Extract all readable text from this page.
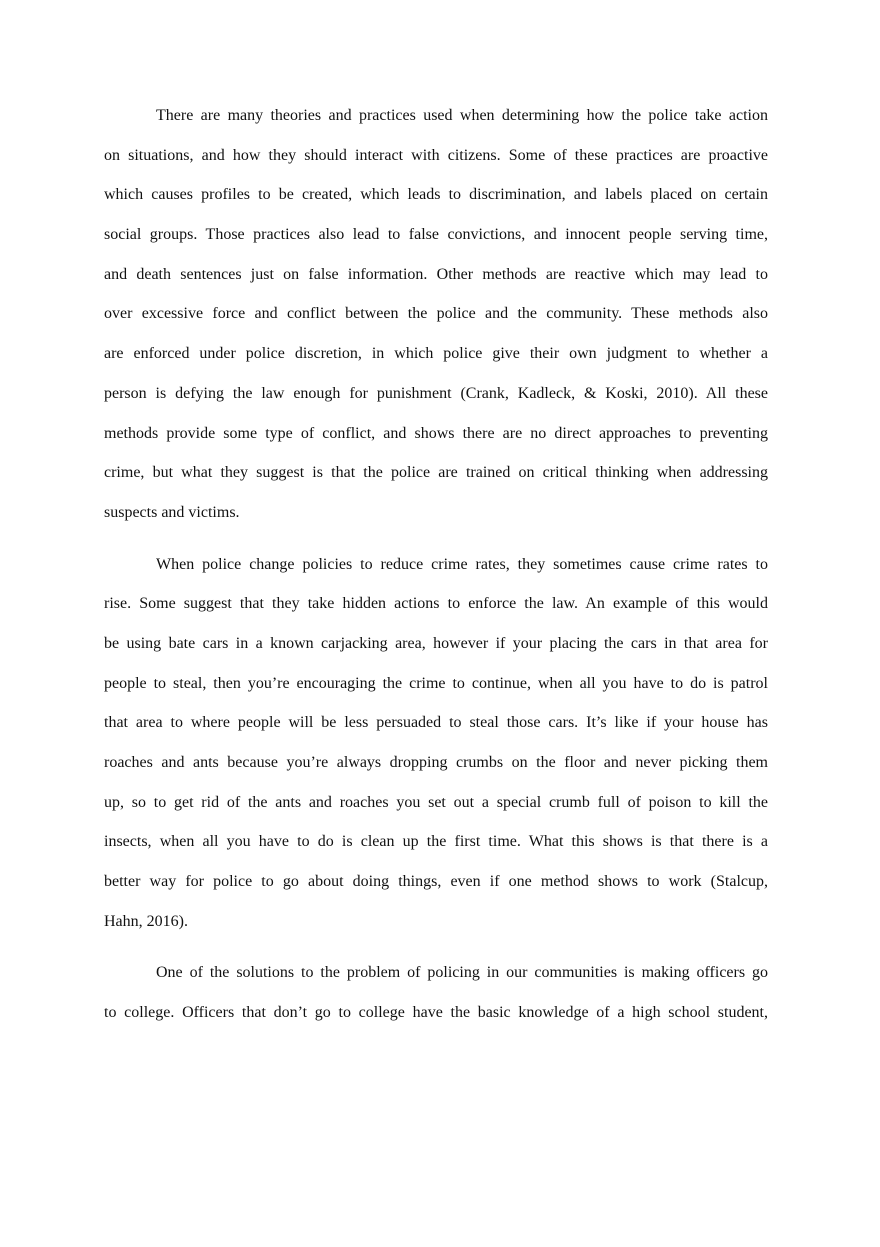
There are many theories and practices used when determining how the police take action
on situations, and how they should interact with citizens. Some of these practices are proactive
which causes profiles to be created, which leads to discrimination, and labels placed on certain
social groups. Those practices also lead to false convictions, and innocent people serving time,
and death sentences just on false information. Other methods are reactive which may lead to
over excessive force and conflict between the police and the community. These methods also
are enforced under police discretion, in which police give their own judgment to whether a
person is defying the law enough for punishment (Crank, Kadleck, & Koski, 2010). All these
methods provide some type of conflict, and shows there are no direct approaches to preventing
crime, but what they suggest is that the police are trained on critical thinking when addressing
suspects and victims.
When police change policies to reduce crime rates, they sometimes cause crime rates to
rise. Some suggest that they take hidden actions to enforce the law. An example of this would
be using bate cars in a known carjacking area, however if your placing the cars in that area for
people to steal, then you’re encouraging the crime to continue, when all you have to do is patrol
that area to where people will be less persuaded to steal those cars. It’s like if your house has
roaches and ants because you’re always dropping crumbs on the floor and never picking them
up, so to get rid of the ants and roaches you set out a special crumb full of poison to kill the
insects, when all you have to do is clean up the first time. What this shows is that there is a
better way for police to go about doing things, even if one method shows to work (Stalcup,
Hahn, 2016).
One of the solutions to the problem of policing in our communities is making officers go
to college. Officers that don’t go to college have the basic knowledge of a high school student,
